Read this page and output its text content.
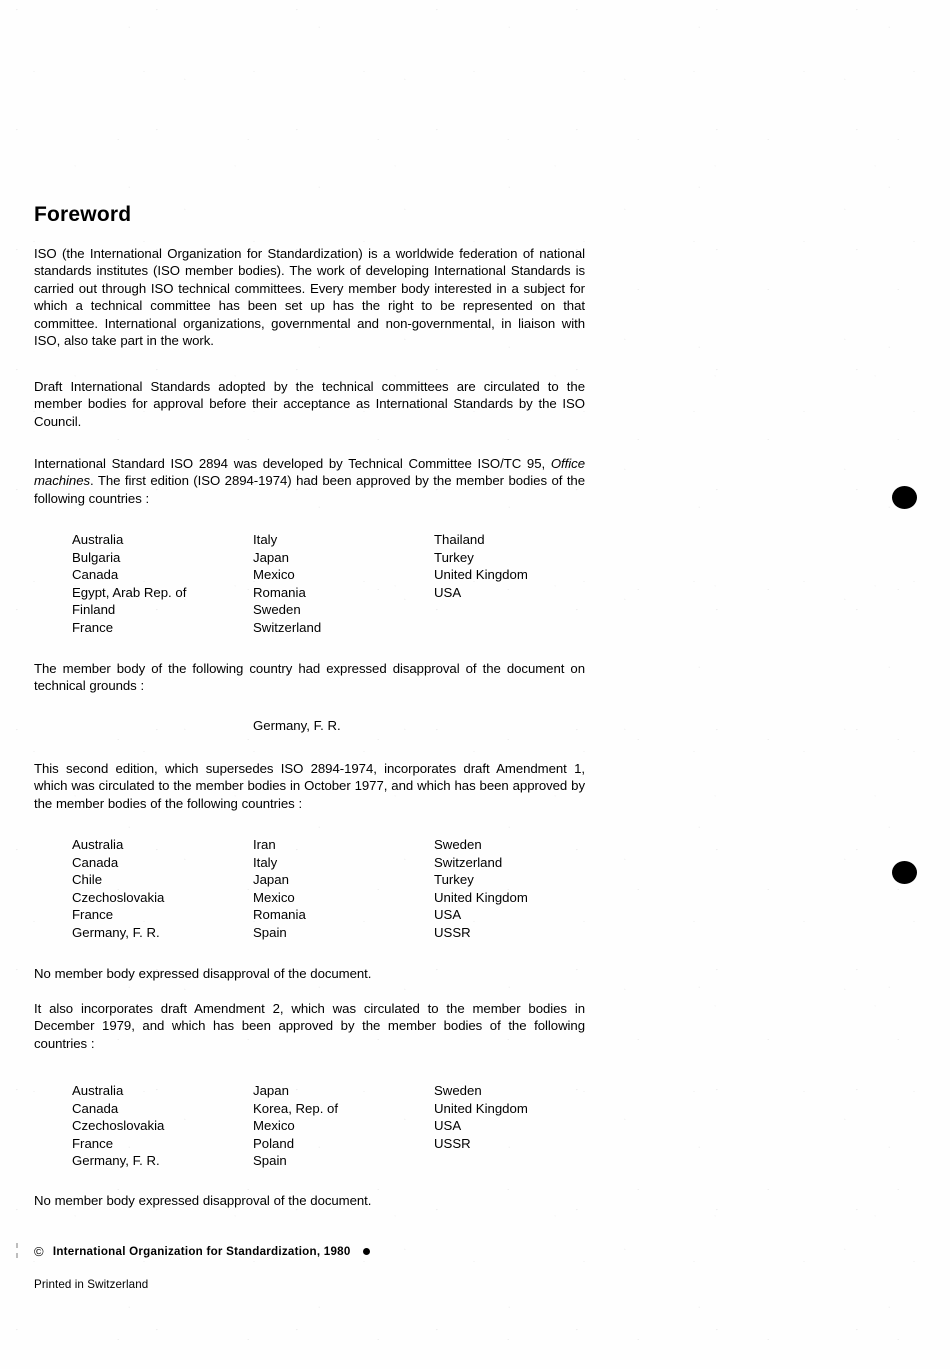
Foreword

ISO (the International Organization for Standardization) is a worldwide federation of national standards institutes (ISO member bodies). The work of developing International Standards is carried out through ISO technical committees. Every member body interested in a subject for which a technical committee has been set up has the right to be represented on that committee. International organizations, governmental and non-governmental, in liaison with ISO, also take part in the work.

Draft International Standards adopted by the technical committees are circulated to the member bodies for approval before their acceptance as International Standards by the ISO Council.

International Standard ISO 2894 was developed by Technical Committee ISO/TC 95, Office machines. The first edition (ISO 2894-1974) had been approved by the member bodies of the following countries :

Australia
Bulgaria
Canada
Egypt, Arab Rep. of
Finland
France
Italy
Japan
Mexico
Romania
Sweden
Switzerland
Thailand
Turkey
United Kingdom
USA

The member body of the following country had expressed disapproval of the document on technical grounds :

Germany, F. R.

This second edition, which supersedes ISO 2894-1974, incorporates draft Amendment 1, which was circulated to the member bodies in October 1977, and which has been approved by the member bodies of the following countries :

Australia
Canada
Chile
Czechoslovakia
France
Germany, F. R.
Iran
Italy
Japan
Mexico
Romania
Spain
Sweden
Switzerland
Turkey
United Kingdom
USA
USSR

No member body expressed disapproval of the document.

It also incorporates draft Amendment 2, which was circulated to the member bodies in December 1979, and which has been approved by the member bodies of the following countries :

Australia
Canada
Czechoslovakia
France
Germany, F. R.
Japan
Korea, Rep. of
Mexico
Poland
Spain
Sweden
United Kingdom
USA
USSR

No member body expressed disapproval of the document.

© International Organization for Standardization, 1980
Printed in Switzerland
